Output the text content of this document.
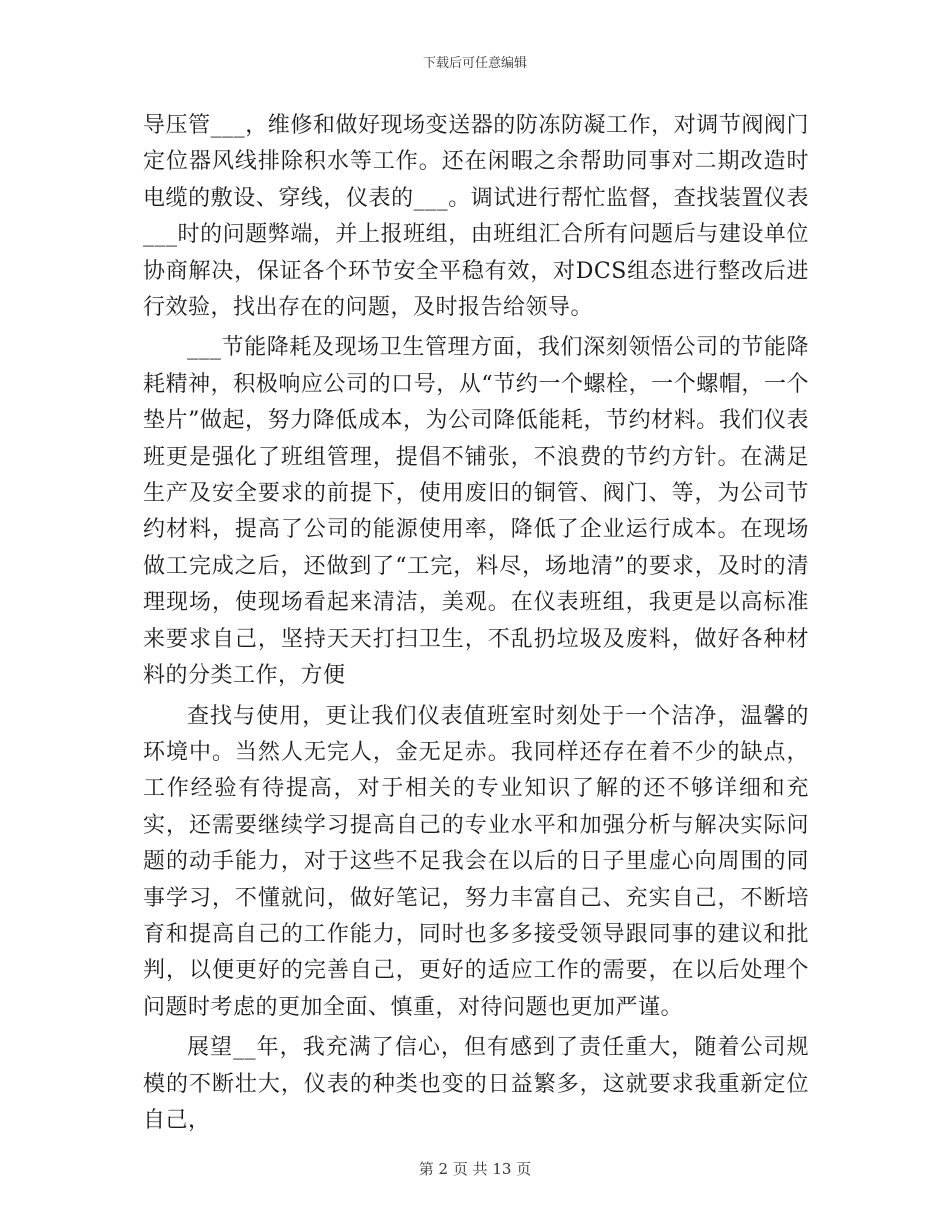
下载后可任意编辑

导压管___，维修和做好现场变送器的防冻防凝工作，对调节阀阀门定位器风线排除积水等工作。还在闲暇之余帮助同事对二期改造时电缆的敷设、穿线，仪表的___。调试进行帮忙监督，查找装置仪表___时的问题弊端，并上报班组，由班组汇合所有问题后与建设单位协商解决，保证各个环节安全平稳有效，对DCS组态进行整改后进行效验，找出存在的问题，及时报告给领导。

___节能降耗及现场卫生管理方面，我们深刻领悟公司的节能降耗精神，积极响应公司的口号，从“节约一个螺栓，一个螺帽，一个垫片”做起，努力降低成本，为公司降低能耗，节约材料。我们仪表班更是强化了班组管理，提倡不铺张，不浪费的节约方针。在满足生产及安全要求的前提下，使用废旧的铜管、阀门、等，为公司节约材料，提高了公司的能源使用率，降低了企业运行成本。在现场做工完成之后，还做到了“工完，料尽，场地清”的要求，及时的清理现场，使现场看起来清洁，美观。在仪表班组，我更是以高标准来要求自己，坚持天天打扫卫生，不乱扔垃圾及废料，做好各种材料的分类工作，方便

查找与使用，更让我们仪表值班室时刻处于一个洁净，温馨的环境中。当然人无完人，金无足赤。我同样还存在着不少的缺点，工作经验有待提高，对于相关的专业知识了解的还不够详细和充实，还需要继续学习提高自己的专业水平和加强分析与解决实际问题的动手能力，对于这些不足我会在以后的日子里虚心向周围的同事学习，不懂就问，做好笔记，努力丰富自己、充实自己，不断培育和提高自己的工作能力，同时也多多接受领导跟同事的建议和批判，以便更好的完善自己，更好的适应工作的需要，在以后处理个问题时考虑的更加全面、慎重，对待问题也更加严谨。

展望__年，我充满了信心，但有感到了责任重大，随着公司规模的不断壮大，仪表的种类也变的日益繁多，这就要求我重新定位自己，

第 2 页 共 13 页
